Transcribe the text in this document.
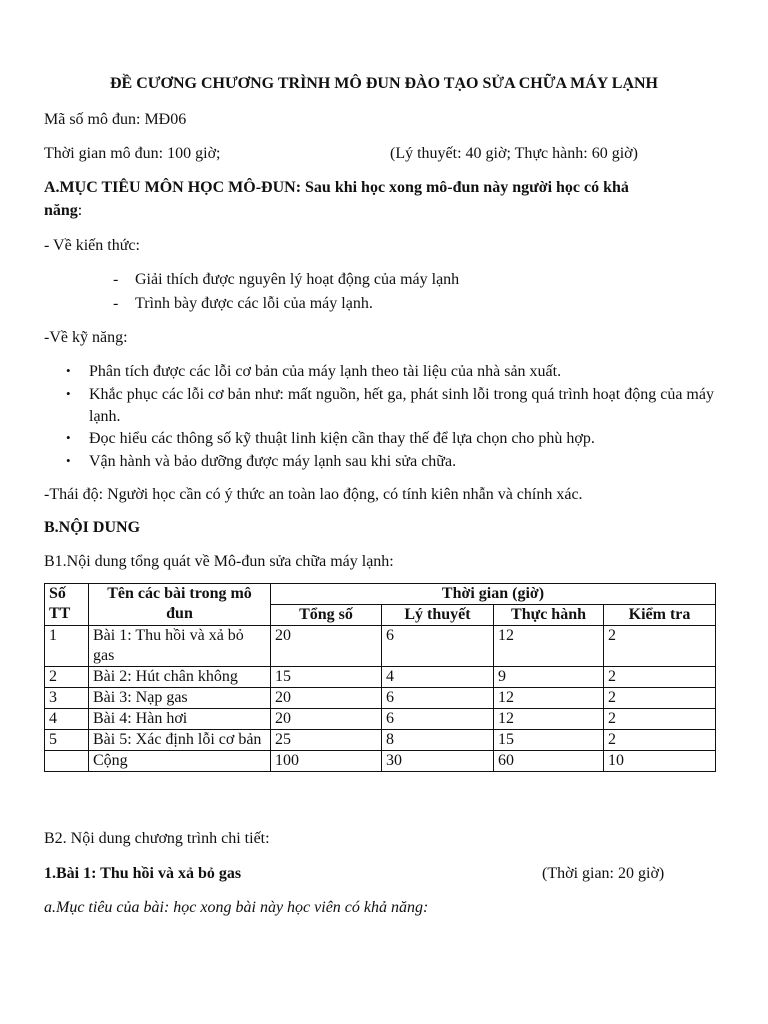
ĐỀ CƯƠNG CHƯƠNG TRÌNH MÔ ĐUN ĐÀO TẠO SỬA CHỮA MÁY LẠNH
Mã số mô đun: MĐ06
Thời gian mô đun: 100 giờ;	(Lý thuyết: 40 giờ; Thực hành: 60 giờ)
A.MỤC TIÊU MÔN HỌC MÔ-ĐUN: Sau khi học xong mô-đun này người học có khả
năng:
- Về kiến thức:
- Giải thích được nguyên lý hoạt động của máy lạnh
- Trình bày được các lỗi của máy lạnh.
-Về kỹ năng:
• Phân tích được các lỗi cơ bản của máy lạnh theo tài liệu của nhà sản xuất.
• Khắc phục các lỗi cơ bản như: mất nguồn, hết ga, phát sinh lỗi trong quá trình hoạt động của máy lạnh.
• Đọc hiểu các thông số kỹ thuật linh kiện cần thay thế để lựa chọn cho phù hợp.
• Vận hành và bảo dưỡng được máy lạnh sau khi sửa chữa.
-Thái độ: Người học cần có ý thức an toàn lao động, có tính kiên nhẫn và chính xác.
B.NỘI DUNG
B1.Nội dung tổng quát về Mô-đun sửa chữa máy lạnh:
Số TT	Tên các bài trong mô đun	Thời gian (giờ)			
		Tổng số	Lý thuyết	Thực hành	Kiểm tra
1	Bài 1: Thu hồi và xả bỏ gas	20	6	12	2
2	Bài 2: Hút chân không	15	4	9	2
3	Bài 3: Nạp gas	20	6	12	2
4	Bài 4: Hàn hơi	20	6	12	2
5	Bài 5: Xác định lỗi cơ bản	25	8	15	2
	Cộng	100	30	60	10
B2. Nội dung chương trình chi tiết:
1.Bài 1: Thu hồi và xả bỏ gas	(Thời gian: 20 giờ)
a.Mục tiêu của bài: học xong bài này học viên có khả năng:
